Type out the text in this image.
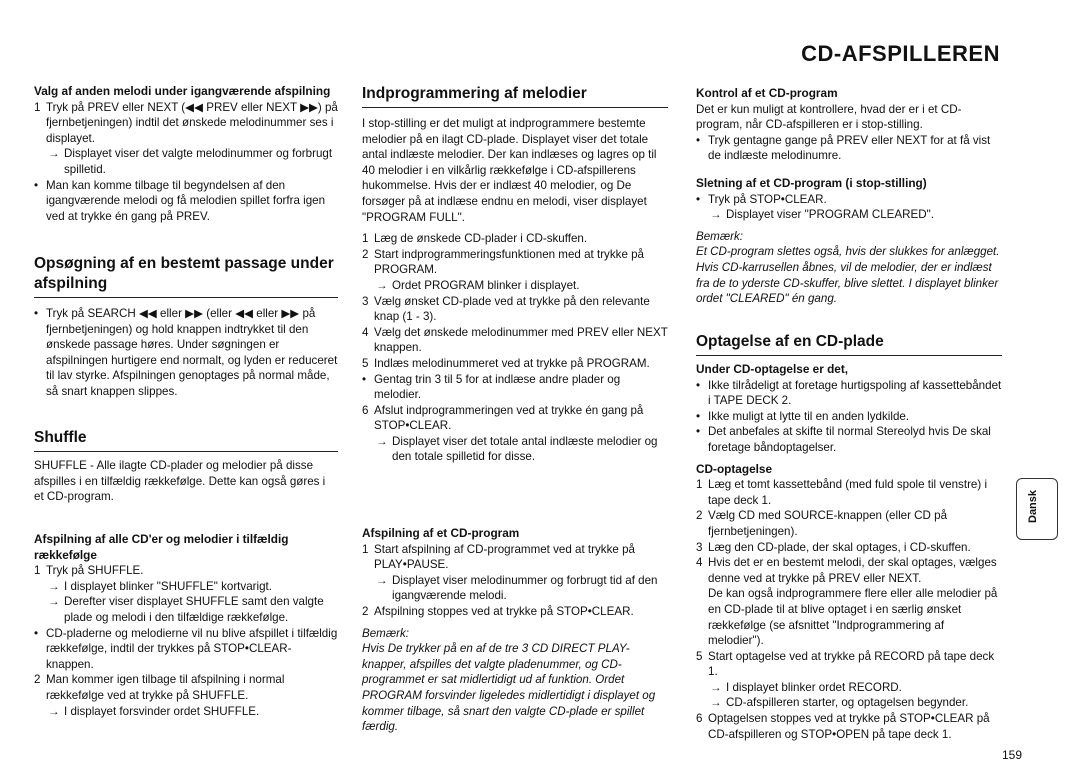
CD-AFSPILLEREN

Valg af anden melodi under igangværende afspilning

1 Tryk på PREV eller NEXT (◀◀ PREV eller NEXT ▶▶) på fjernbetjeningen) indtil det ønskede melodinummer ses i displayet.
→ Displayet viser det valgte melodinummer og forbrugt spilletid.
• Man kan komme tilbage til begyndelsen af den igangværende melodi og få melodien spillet forfra igen ved at trykke én gang på PREV.

Opsøgning af en bestemt passage under afspilning

• Tryk på SEARCH ◀◀ eller ▶▶ (eller ◀◀ eller ▶▶ på fjernbetjeningen) og hold knappen indtrykket til den ønskede passage høres. Under søgningen er afspilningen hurtigere end normalt, og lyden er reduceret til lav styrke. Afspilningen genoptages på normal måde, så snart knappen slippes.

Shuffle

SHUFFLE - Alle ilagte CD-plader og melodier på disse afspilles i en tilfældig rækkefølge. Dette kan også gøres i et CD-program.

Afspilning af alle CD'er og melodier i tilfældig rækkefølge

1 Tryk på SHUFFLE.
→ I displayet blinker "SHUFFLE" kortvarigt.
→ Derefter viser displayet SHUFFLE samt den valgte plade og melodi i den tilfældige rækkefølge.
• CD-pladerne og melodierne vil nu blive afspillet i tilfældig rækkefølge, indtil der trykkes på STOP•CLEAR-knappen.
2 Man kommer igen tilbage til afspilning i normal rækkefølge ved at trykke på SHUFFLE.
→ I displayet forsvinder ordet SHUFFLE.

Indprogrammering af melodier

I stop-stilling er det muligt at indprogrammere bestemte melodier på en ilagt CD-plade. Displayet viser det totale antal indlæste melodier. Der kan indlæses og lagres op til 40 melodier i en vilkårlig rækkefølge i CD-afspillerens hukommelse. Hvis der er indlæst 40 melodier, og De forsøger på at indlæse endnu en melodi, viser displayet "PROGRAM FULL".

1 Læg de ønskede CD-plader i CD-skuffen.
2 Start indprogrammeringsfunktionen med at trykke på PROGRAM.
→ Ordet PROGRAM blinker i displayet.
3 Vælg ønsket CD-plade ved at trykke på den relevante knap (1 - 3).
4 Vælg det ønskede melodinummer med PREV eller NEXT knappen.
5 Indlæs melodinummeret ved at trykke på PROGRAM.
• Gentag trin 3 til 5 for at indlæse andre plader og melodier.
6 Afslut indprogrammeringen ved at trykke én gang på STOP•CLEAR.
→ Displayet viser det totale antal indlæste melodier og den totale spilletid for disse.

Afspilning af et CD-program

1 Start afspilning af CD-programmet ved at trykke på PLAY•PAUSE.
→ Displayet viser melodinummer og forbrugt tid af den igangværende melodi.
2 Afspilning stoppes ved at trykke på STOP•CLEAR.

Bemærk:

Hvis De trykker på en af de tre 3 CD DIRECT PLAY-knapper, afspilles det valgte pladenummer, og CD-programmet er sat midlertidigt ud af funktion. Ordet PROGRAM forsvinder ligeledes midlertidigt i displayet og kommer tilbage, så snart den valgte CD-plade er spillet færdig.

Kontrol af et CD-program

Det er kun muligt at kontrollere, hvad der er i et CD-program, når CD-afspilleren er i stop-stilling.

• Tryk gentagne gange på PREV eller NEXT for at få vist de indlæste melodinumre.

Sletning af et CD-program (i stop-stilling)

• Tryk på STOP•CLEAR.
→ Displayet viser "PROGRAM CLEARED".

Bemærk:

Et CD-program slettes også, hvis der slukkes for anlægget. Hvis CD-karrusellen åbnes, vil de melodier, der er indlæst fra de to yderste CD-skuffer, blive slettet. I displayet blinker ordet "CLEARED" én gang.

Optagelse af en CD-plade

Under CD-optagelse er det,

• Ikke tilrådeligt at foretage hurtigspoling af kassettebåndet i TAPE DECK 2.
• Ikke muligt at lytte til en anden lydkilde.
• Det anbefales at skifte til normal Stereolyd hvis De skal foretage båndoptagelser.

CD-optagelse

1 Læg et tomt kassettebånd (med fuld spole til venstre) i tape deck 1.
2 Vælg CD med SOURCE-knappen (eller CD på fjernbetjeningen).
3 Læg den CD-plade, der skal optages, i CD-skuffen.
4 Hvis det er en bestemt melodi, der skal optages, vælges denne ved at trykke på PREV eller NEXT.
De kan også indprogrammere flere eller alle melodier på en CD-plade til at blive optaget i en særlig ønsket rækkefølge (se afsnittet "Indprogrammering af melodier").
5 Start optagelse ved at trykke på RECORD på tape deck 1.
→ I displayet blinker ordet RECORD.
→ CD-afspilleren starter, og optagelsen begynder.
6 Optagelsen stoppes ved at trykke på STOP•CLEAR på CD-afspilleren og STOP•OPEN på tape deck 1.
Dansk
159
